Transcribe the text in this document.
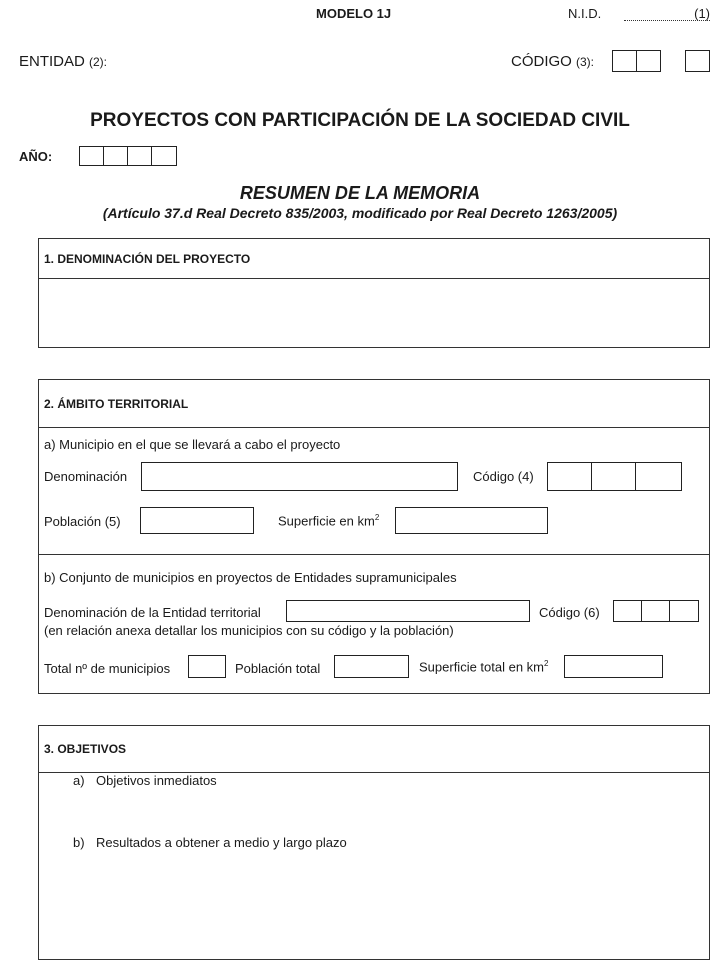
MODELO 1J	N.I.D.	(1)
ENTIDAD (2):	CÓDIGO (3):
PROYECTOS CON PARTICIPACIÓN DE LA SOCIEDAD CIVIL
AÑO:
RESUMEN DE LA MEMORIA
(Artículo 37.d Real Decreto 835/2003, modificado por Real Decreto 1263/2005)
1. DENOMINACIÓN DEL PROYECTO
2. ÁMBITO TERRITORIAL
a) Municipio en el que se llevará a cabo el proyecto
Denominación	Código (4)
Población (5)	Superficie en $km^2$
b) Conjunto de municipios en proyectos de Entidades supramunicipales
Denominación de la Entidad territorial	Código (6)
(en relación anexa detallar los municipios con su código y la población)
Total nº de municipios	Población total	Superficie total en $km^2$
3. OBJETIVOS
a) Objetivos inmediatos
b) Resultados a obtener a medio y largo plazo
